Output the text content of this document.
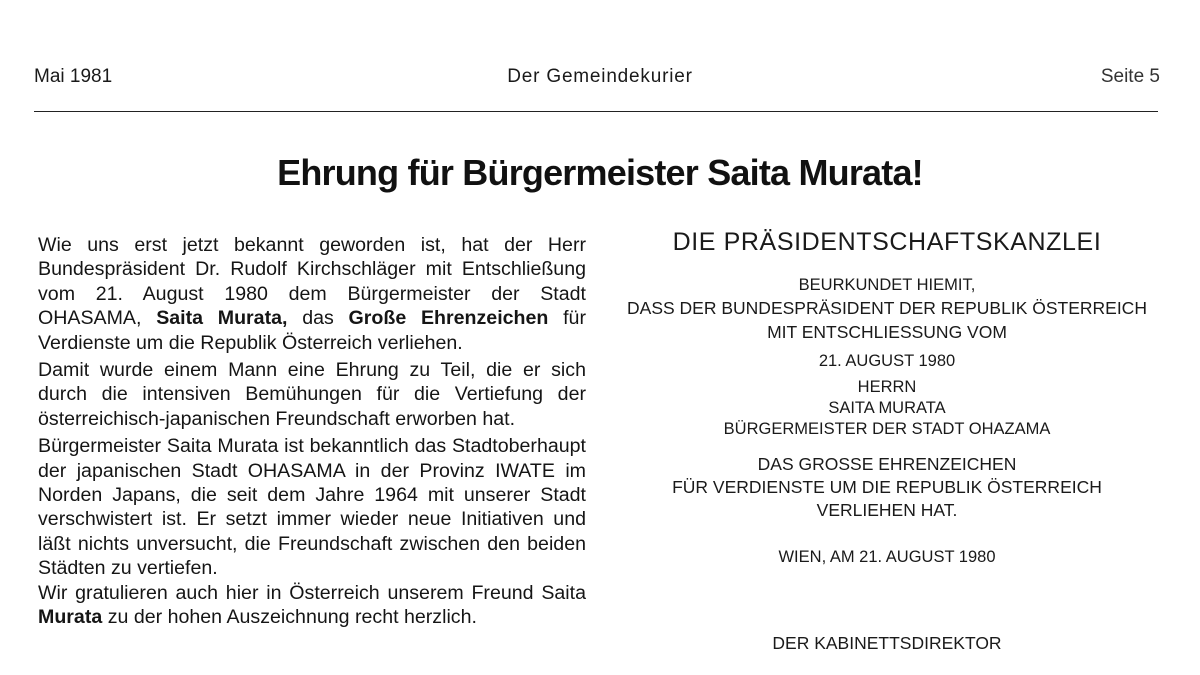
Mai 1981	Der Gemeindekurier	Seite 5
Ehrung für Bürgermeister Saita Murata!

Wie uns erst jetzt bekannt geworden ist, hat der Herr Bundespräsident Dr. Rudolf Kirchschläger mit Entschließung vom 21. August 1980 dem Bürgermeister der Stadt OHASAMA, Saita Murata, das Große Ehrenzeichen für Verdienste um die Republik Österreich verliehen.

Damit wurde einem Mann eine Ehrung zu Teil, die er sich durch die intensiven Bemühungen für die Vertiefung der österreichisch-japanischen Freundschaft erworben hat.

Bürgermeister Saita Murata ist bekanntlich das Stadtoberhaupt der japanischen Stadt OHASAMA in der Provinz IWATE im Norden Japans, die seit dem Jahre 1964 mit unserer Stadt verschwistert ist. Er setzt immer wieder neue Initiativen und läßt nichts unversucht, die Freundschaft zwischen den beiden Städten zu vertiefen.

Wir gratulieren auch hier in Österreich unserem Freund Saita Murata zu der hohen Auszeichnung recht herzlich.

DIE PRÄSIDENTSCHAFTSKANZLEI
BEURKUNDET HIEMIT,
DASS DER BUNDESPRÄSIDENT DER REPUBLIK ÖSTERREICH
MIT ENTSCHLIESSUNG VOM
21. AUGUST 1980
HERRN
SAITA MURATA
BÜRGERMEISTER DER STADT OHAZAMA
DAS GROSSE EHRENZEICHEN
FÜR VERDIENSTE UM DIE REPUBLIK ÖSTERREICH
VERLIEHEN HAT.
WIEN, AM 21. AUGUST 1980
DER KABINETTSDIREKTOR
